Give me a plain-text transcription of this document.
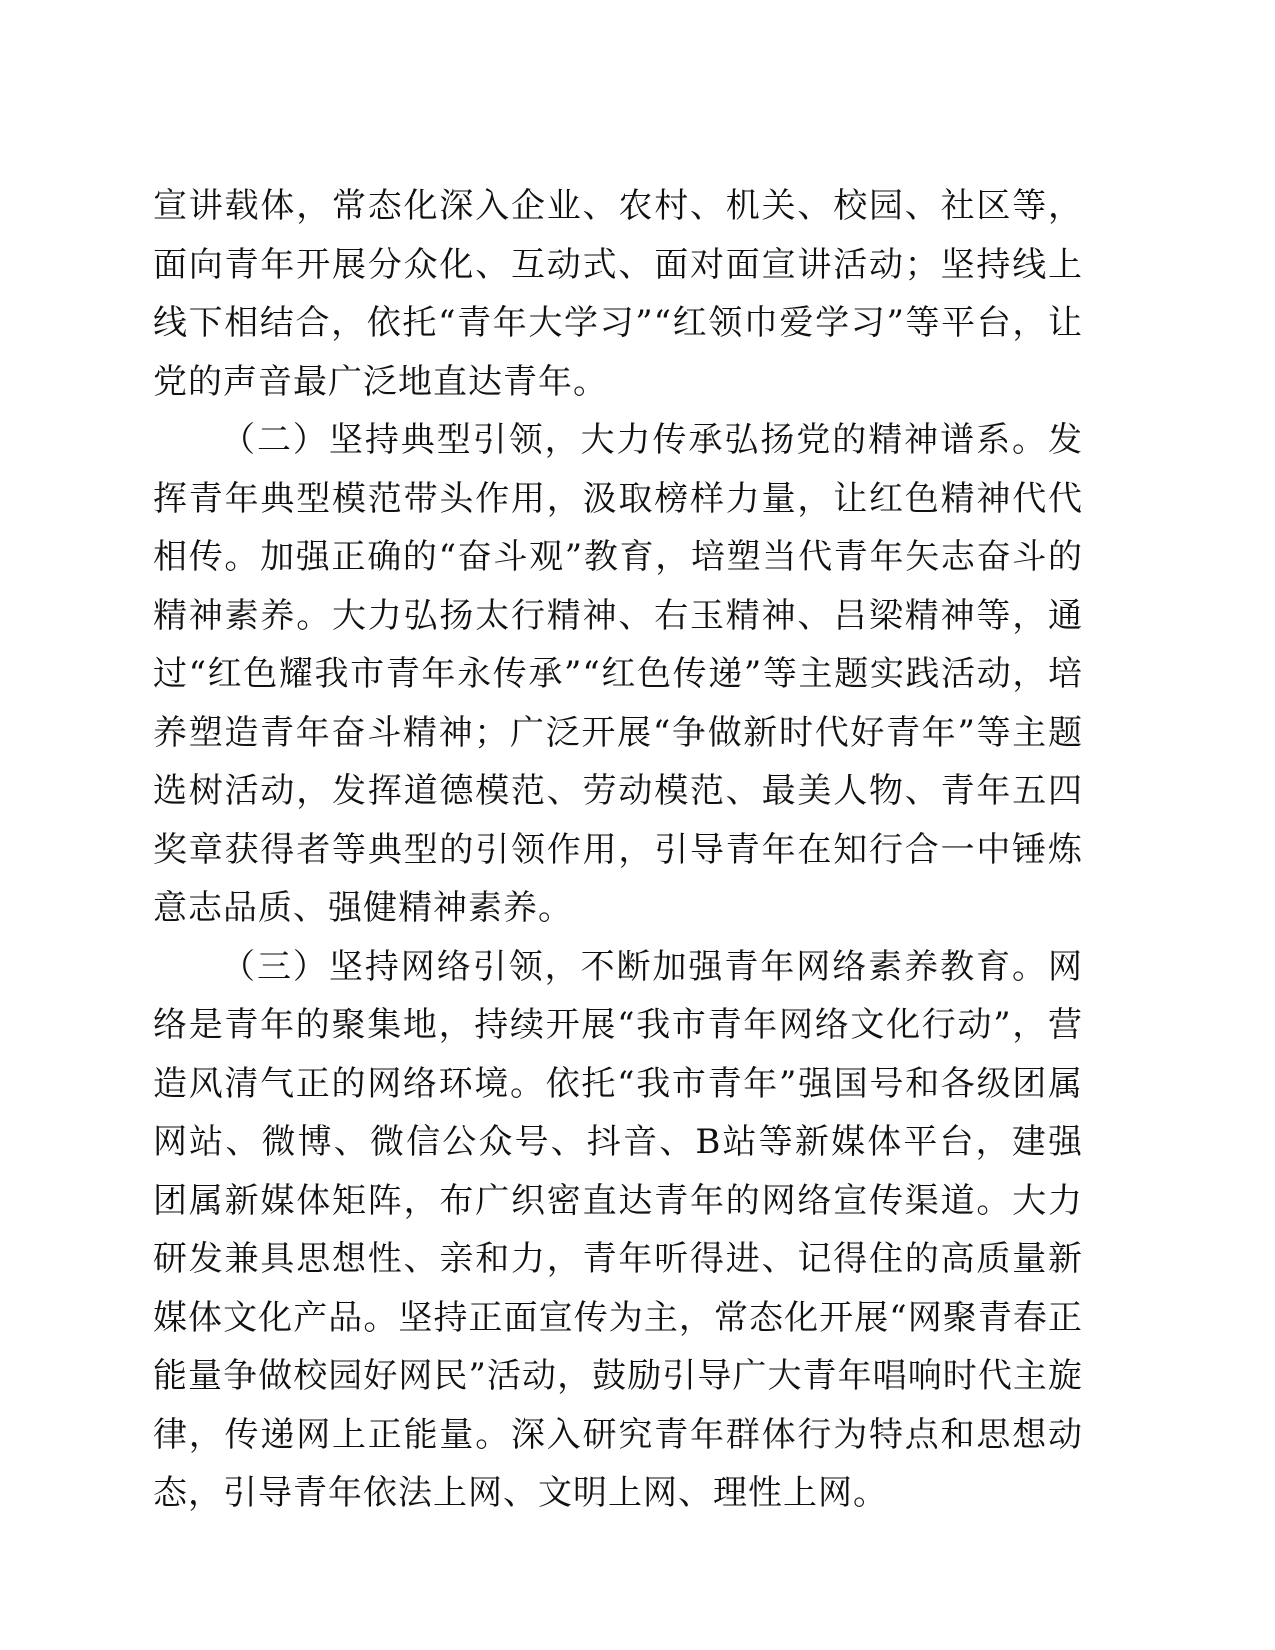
宣讲载体，常态化深入企业、农村、机关、校园、社区等，面向青年开展分众化、互动式、面对面宣讲活动；坚持线上线下相结合，依托“青年大学习”“红领巾爱学习”等平台，让党的声音最广泛地直达青年。

（二）坚持典型引领，大力传承弘扬党的精神谱系。发挥青年典型模范带头作用，汲取榜样力量，让红色精神代代相传。加强正确的“奋斗观”教育，培塑当代青年矢志奋斗的精神素养。大力弘扬太行精神、右玉精神、吕梁精神等，通过“红色耀我市青年永传承”“红色传递”等主题实践活动，培养塑造青年奋斗精神；广泛开展“争做新时代好青年”等主题选树活动，发挥道德模范、劳动模范、最美人物、青年五四奖章获得者等典型的引领作用，引导青年在知行合一中锤炼意志品质、强健精神素养。

（三）坚持网络引领，不断加强青年网络素养教育。网络是青年的聚集地，持续开展“我市青年网络文化行动”，营造风清气正的网络环境。依托“我市青年”强国号和各级团属网站、微博、微信公众号、抖音、B站等新媒体平台，建强团属新媒体矩阵，布广织密直达青年的网络宣传渠道。大力研发兼具思想性、亲和力，青年听得进、记得住的高质量新媒体文化产品。坚持正面宣传为主，常态化开展“网聚青春正能量争做校园好网民”活动，鼓励引导广大青年唱响时代主旋律，传递网上正能量。深入研究青年群体行为特点和思想动态，引导青年依法上网、文明上网、理性上网。
